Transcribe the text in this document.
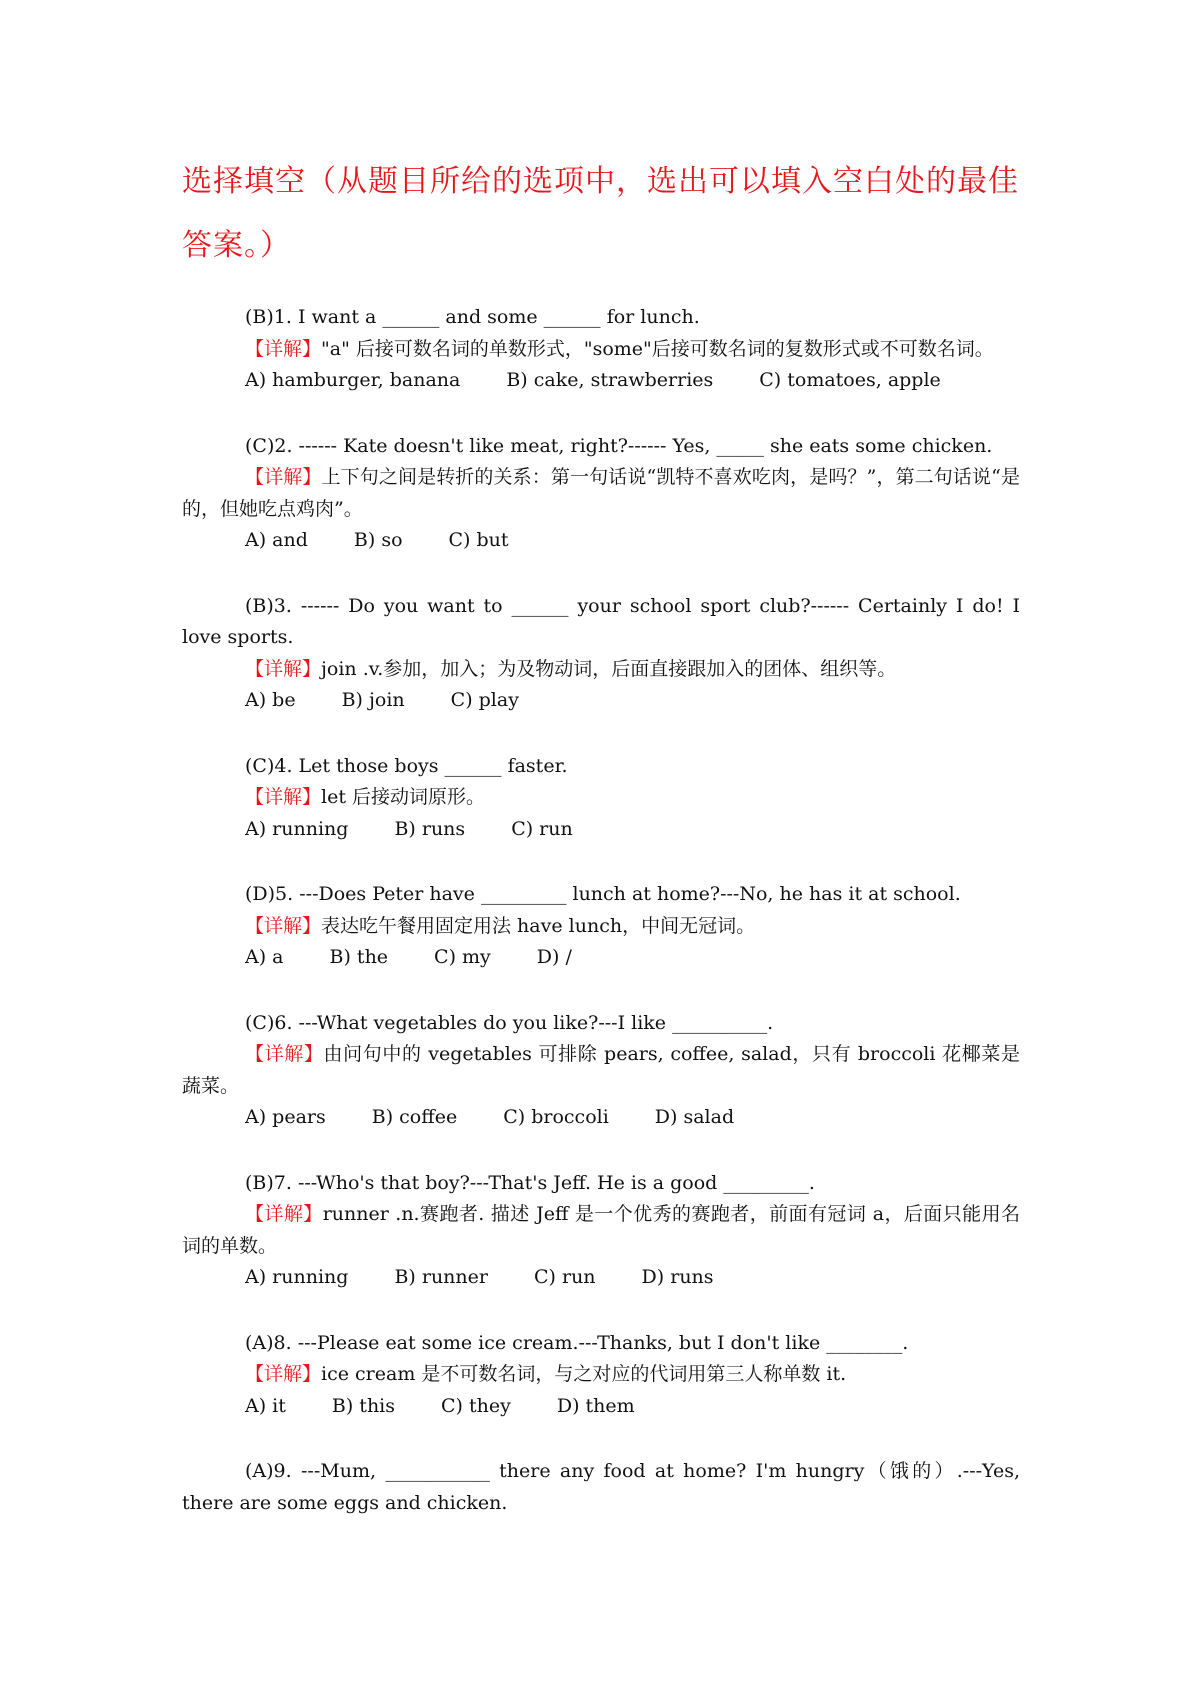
选择填空（从题目所给的选项中，选出可以填入空白处的最佳答案。）
(B)1. I want a ______ and some ______ for lunch.
【详解】"a" 后接可数名词的单数形式，"some"后接可数名词的复数形式或不可数名词。
A) hamburger, banana B) cake, strawberries C) tomatoes, apple
(C)2. ------ Kate doesn't like meat, right?------ Yes, _____ she eats some chicken.
【详解】上下句之间是转折的关系：第一句话说“凯特不喜欢吃肉，是吗？”，第二句话说“是的，但她吃点鸡肉”。
A) and B) so C) but
(B)3. ------ Do you want to ______ your school sport club?------ Certainly I do! I love sports.
【详解】join .v.参加，加入；为及物动词，后面直接跟加入的团体、组织等。
A) be B) join C) play
(C)4. Let those boys ______ faster.
【详解】let 后接动词原形。
A) running B) runs C) run
(D)5. ---Does Peter have _________ lunch at home?---No, he has it at school.
【详解】表达吃午餐用固定用法 have lunch，中间无冠词。
A) a B) the C) my D) /
(C)6. ---What vegetables do you like?---I like __________.
【详解】由问句中的 vegetables 可排除 pears, coffee, salad，只有 broccoli 花椰菜是蔬菜。
A) pears B) coffee C) broccoli D) salad
(B)7. ---Who's that boy?---That's Jeff. He is a good _________.
【详解】runner .n.赛跑者. 描述 Jeff 是一个优秀的赛跑者，前面有冠词 a，后面只能用名词的单数。
A) running B) runner C) run D) runs
(A)8. ---Please eat some ice cream.---Thanks, but I don't like ________.
【详解】ice cream 是不可数名词，与之对应的代词用第三人称单数 it.
A) it B) this C) they D) them
(A)9. ---Mum, ___________ there any food at home? I'm hungry（饿的）.---Yes, there are some eggs and chicken.
